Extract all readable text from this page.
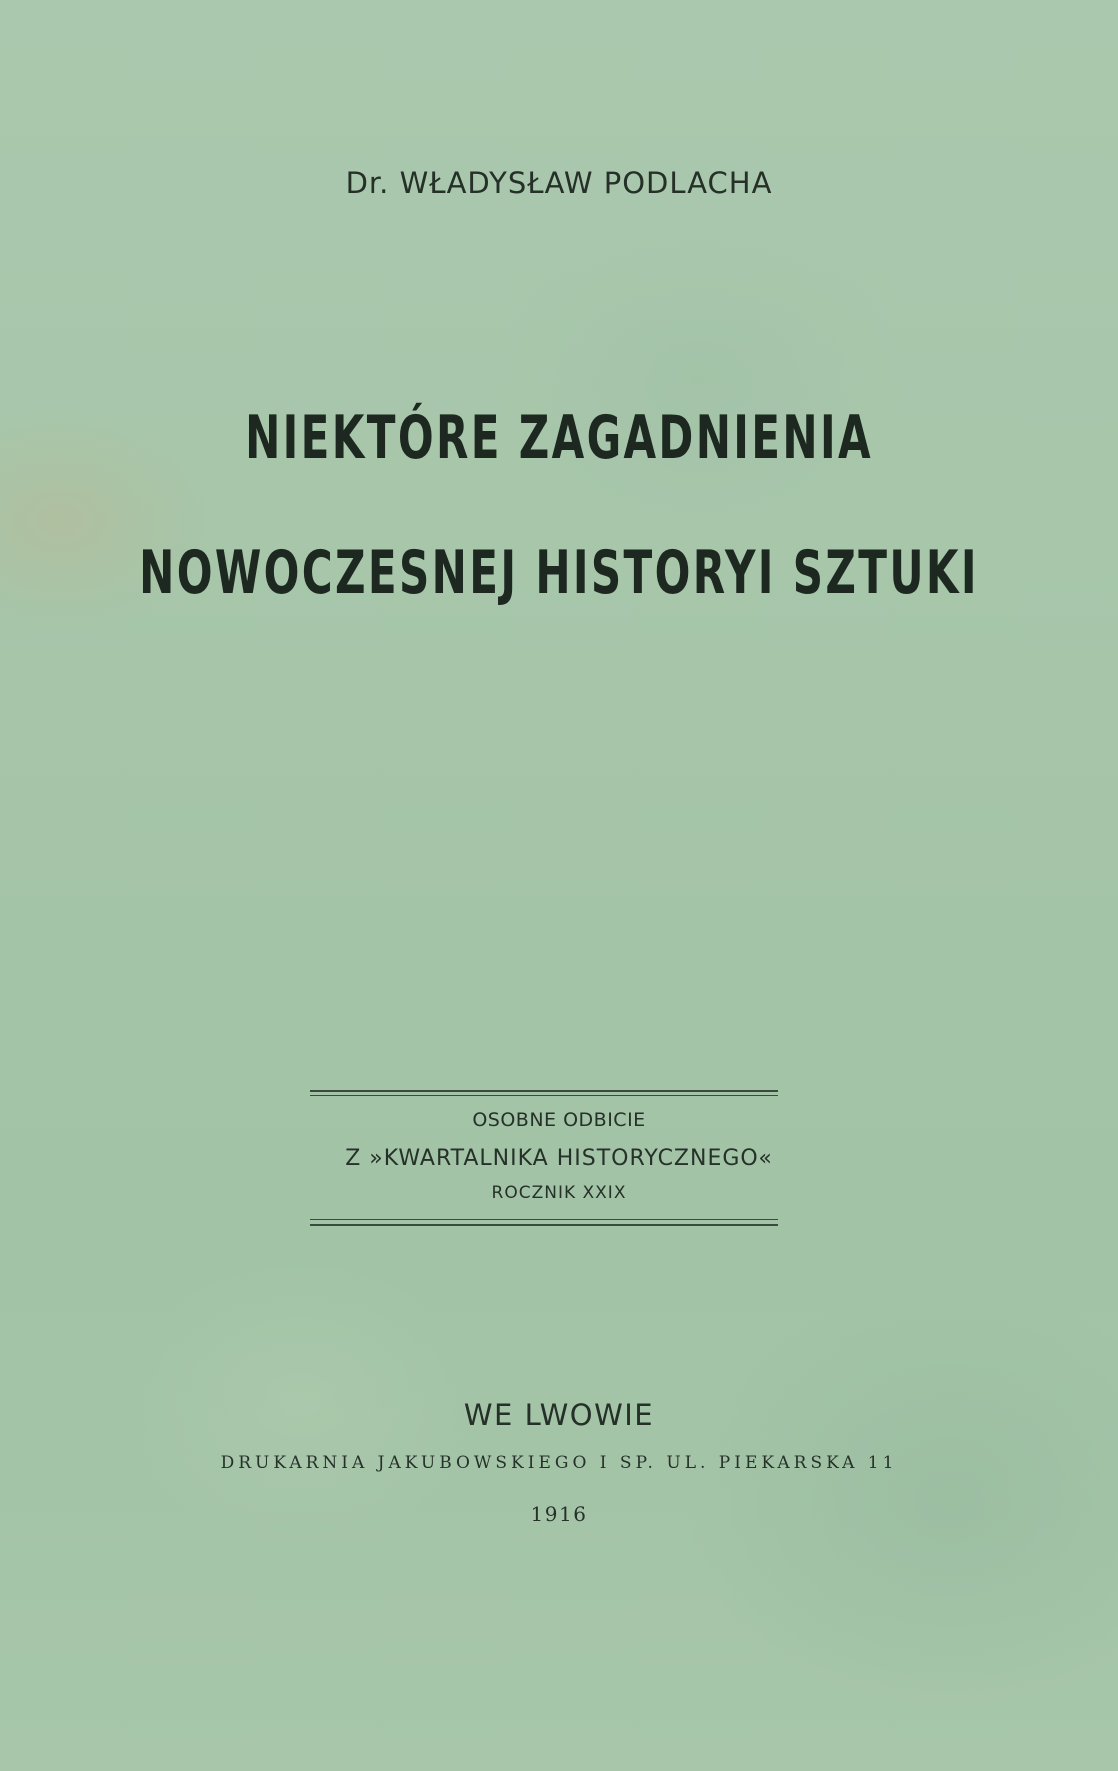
Dr. WŁADYSŁAW PODLACHA
NIEKTÓRE ZAGADNIENIA
NOWOCZESNEJ HISTORYI SZTUKI
OSOBNE ODBICIE
Z »KWARTALNIKA HISTORYCZNEGO«
ROCZNIK XXIX
WE LWOWIE
DRUKARNIA JAKUBOWSKIEGO I SP. UL. PIEKARSKA 11
1916
